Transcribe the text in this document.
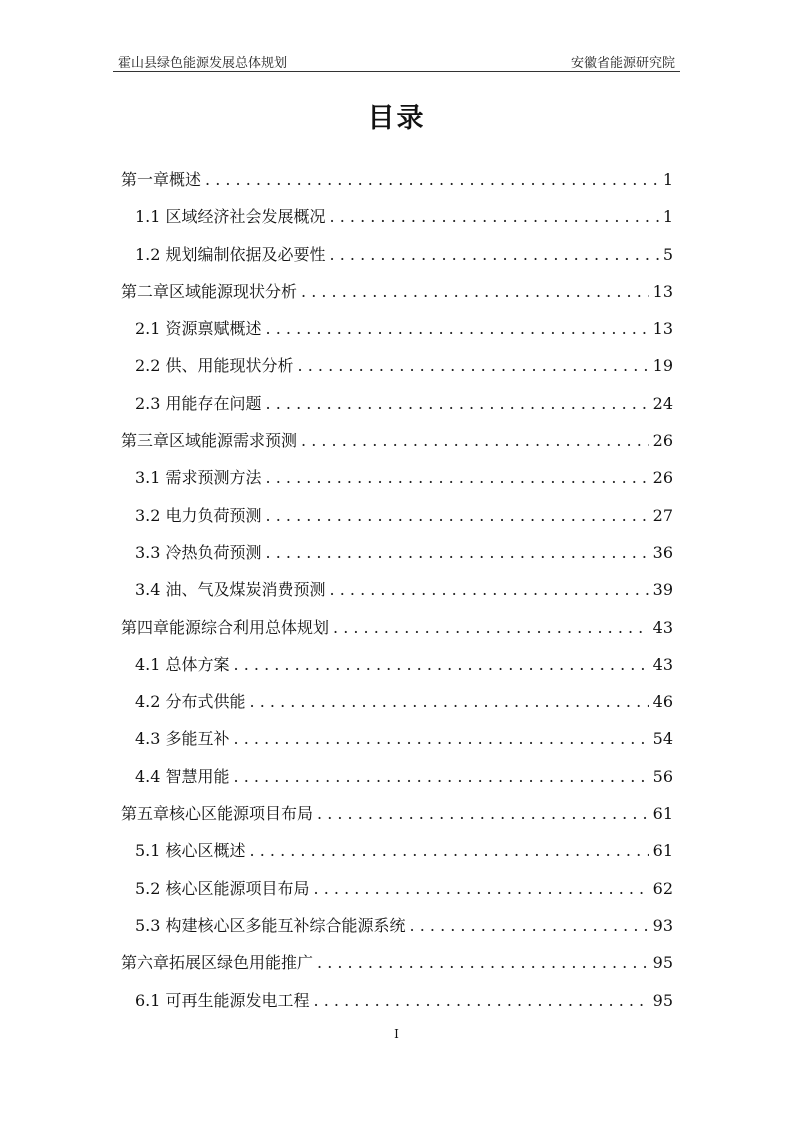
霍山县绿色能源发展总体规划	安徽省能源研究院
目录
第一章概述 . . .	1
1.1 区域经济社会发展概况 . . .	1
1.2 规划编制依据及必要性 . . .	5
第二章区域能源现状分析 . . .	13
2.1 资源禀赋概述 . . .	13
2.2 供、用能现状分析 . . .	19
2.3 用能存在问题 . . .	24
第三章区域能源需求预测 . . .	26
3.1 需求预测方法 . . .	26
3.2 电力负荷预测 . . .	27
3.3 冷热负荷预测 . . .	36
3.4 油、气及煤炭消费预测 . . .	39
第四章能源综合利用总体规划 . . .	43
4.1 总体方案 . . .	43
4.2 分布式供能 . . .	46
4.3 多能互补 . . .	54
4.4 智慧用能 . . .	56
第五章核心区能源项目布局 . . .	61
5.1 核心区概述 . . .	61
5.2 核心区能源项目布局 . . .	62
5.3 构建核心区多能互补综合能源系统 . . .	93
第六章拓展区绿色用能推广 . . .	95
6.1 可再生能源发电工程 . . .	95
I
